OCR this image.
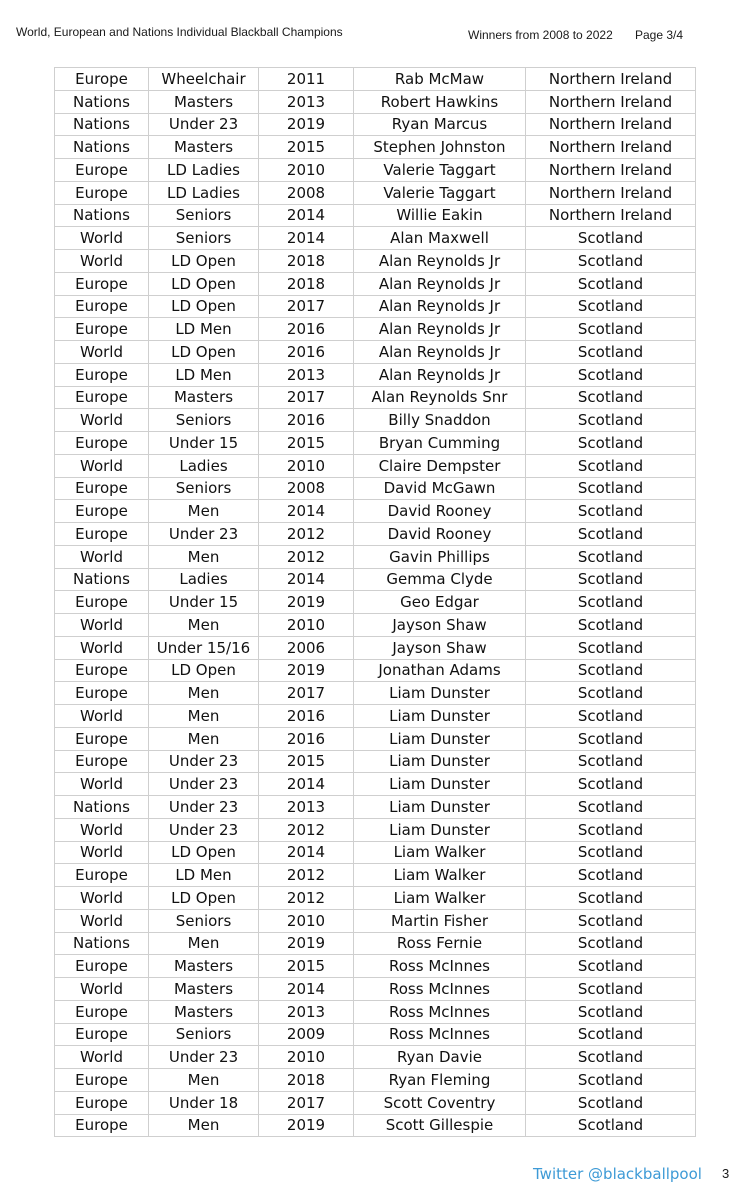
World, European and Nations Individual Blackball Champions	Winners from 2008 to 2022 Page 3/4
Europe	Wheelchair	2011	Rab McMaw	Northern Ireland
Nations	Masters	2013	Robert Hawkins	Northern Ireland
Nations	Under 23	2019	Ryan Marcus	Northern Ireland
Nations	Masters	2015	Stephen Johnston	Northern Ireland
Europe	LD Ladies	2010	Valerie Taggart	Northern Ireland
Europe	LD Ladies	2008	Valerie Taggart	Northern Ireland
Nations	Seniors	2014	Willie Eakin	Northern Ireland
World	Seniors	2014	Alan Maxwell	Scotland
World	LD Open	2018	Alan Reynolds Jr	Scotland
Europe	LD Open	2018	Alan Reynolds Jr	Scotland
Europe	LD Open	2017	Alan Reynolds Jr	Scotland
Europe	LD Men	2016	Alan Reynolds Jr	Scotland
World	LD Open	2016	Alan Reynolds Jr	Scotland
Europe	LD Men	2013	Alan Reynolds Jr	Scotland
Europe	Masters	2017	Alan Reynolds Snr	Scotland
World	Seniors	2016	Billy Snaddon	Scotland
Europe	Under 15	2015	Bryan Cumming	Scotland
World	Ladies	2010	Claire Dempster	Scotland
Europe	Seniors	2008	David McGawn	Scotland
Europe	Men	2014	David Rooney	Scotland
Europe	Under 23	2012	David Rooney	Scotland
World	Men	2012	Gavin Phillips	Scotland
Nations	Ladies	2014	Gemma Clyde	Scotland
Europe	Under 15	2019	Geo Edgar	Scotland
World	Men	2010	Jayson Shaw	Scotland
World	Under 15/16	2006	Jayson Shaw	Scotland
Europe	LD Open	2019	Jonathan Adams	Scotland
Europe	Men	2017	Liam Dunster	Scotland
World	Men	2016	Liam Dunster	Scotland
Europe	Men	2016	Liam Dunster	Scotland
Europe	Under 23	2015	Liam Dunster	Scotland
World	Under 23	2014	Liam Dunster	Scotland
Nations	Under 23	2013	Liam Dunster	Scotland
World	Under 23	2012	Liam Dunster	Scotland
World	LD Open	2014	Liam Walker	Scotland
Europe	LD Men	2012	Liam Walker	Scotland
World	LD Open	2012	Liam Walker	Scotland
World	Seniors	2010	Martin Fisher	Scotland
Nations	Men	2019	Ross Fernie	Scotland
Europe	Masters	2015	Ross McInnes	Scotland
World	Masters	2014	Ross McInnes	Scotland
Europe	Masters	2013	Ross McInnes	Scotland
Europe	Seniors	2009	Ross McInnes	Scotland
World	Under 23	2010	Ryan Davie	Scotland
Europe	Men	2018	Ryan Fleming	Scotland
Europe	Under 18	2017	Scott Coventry	Scotland
Europe	Men	2019	Scott Gillespie	Scotland
Twitter @blackballpool 3
